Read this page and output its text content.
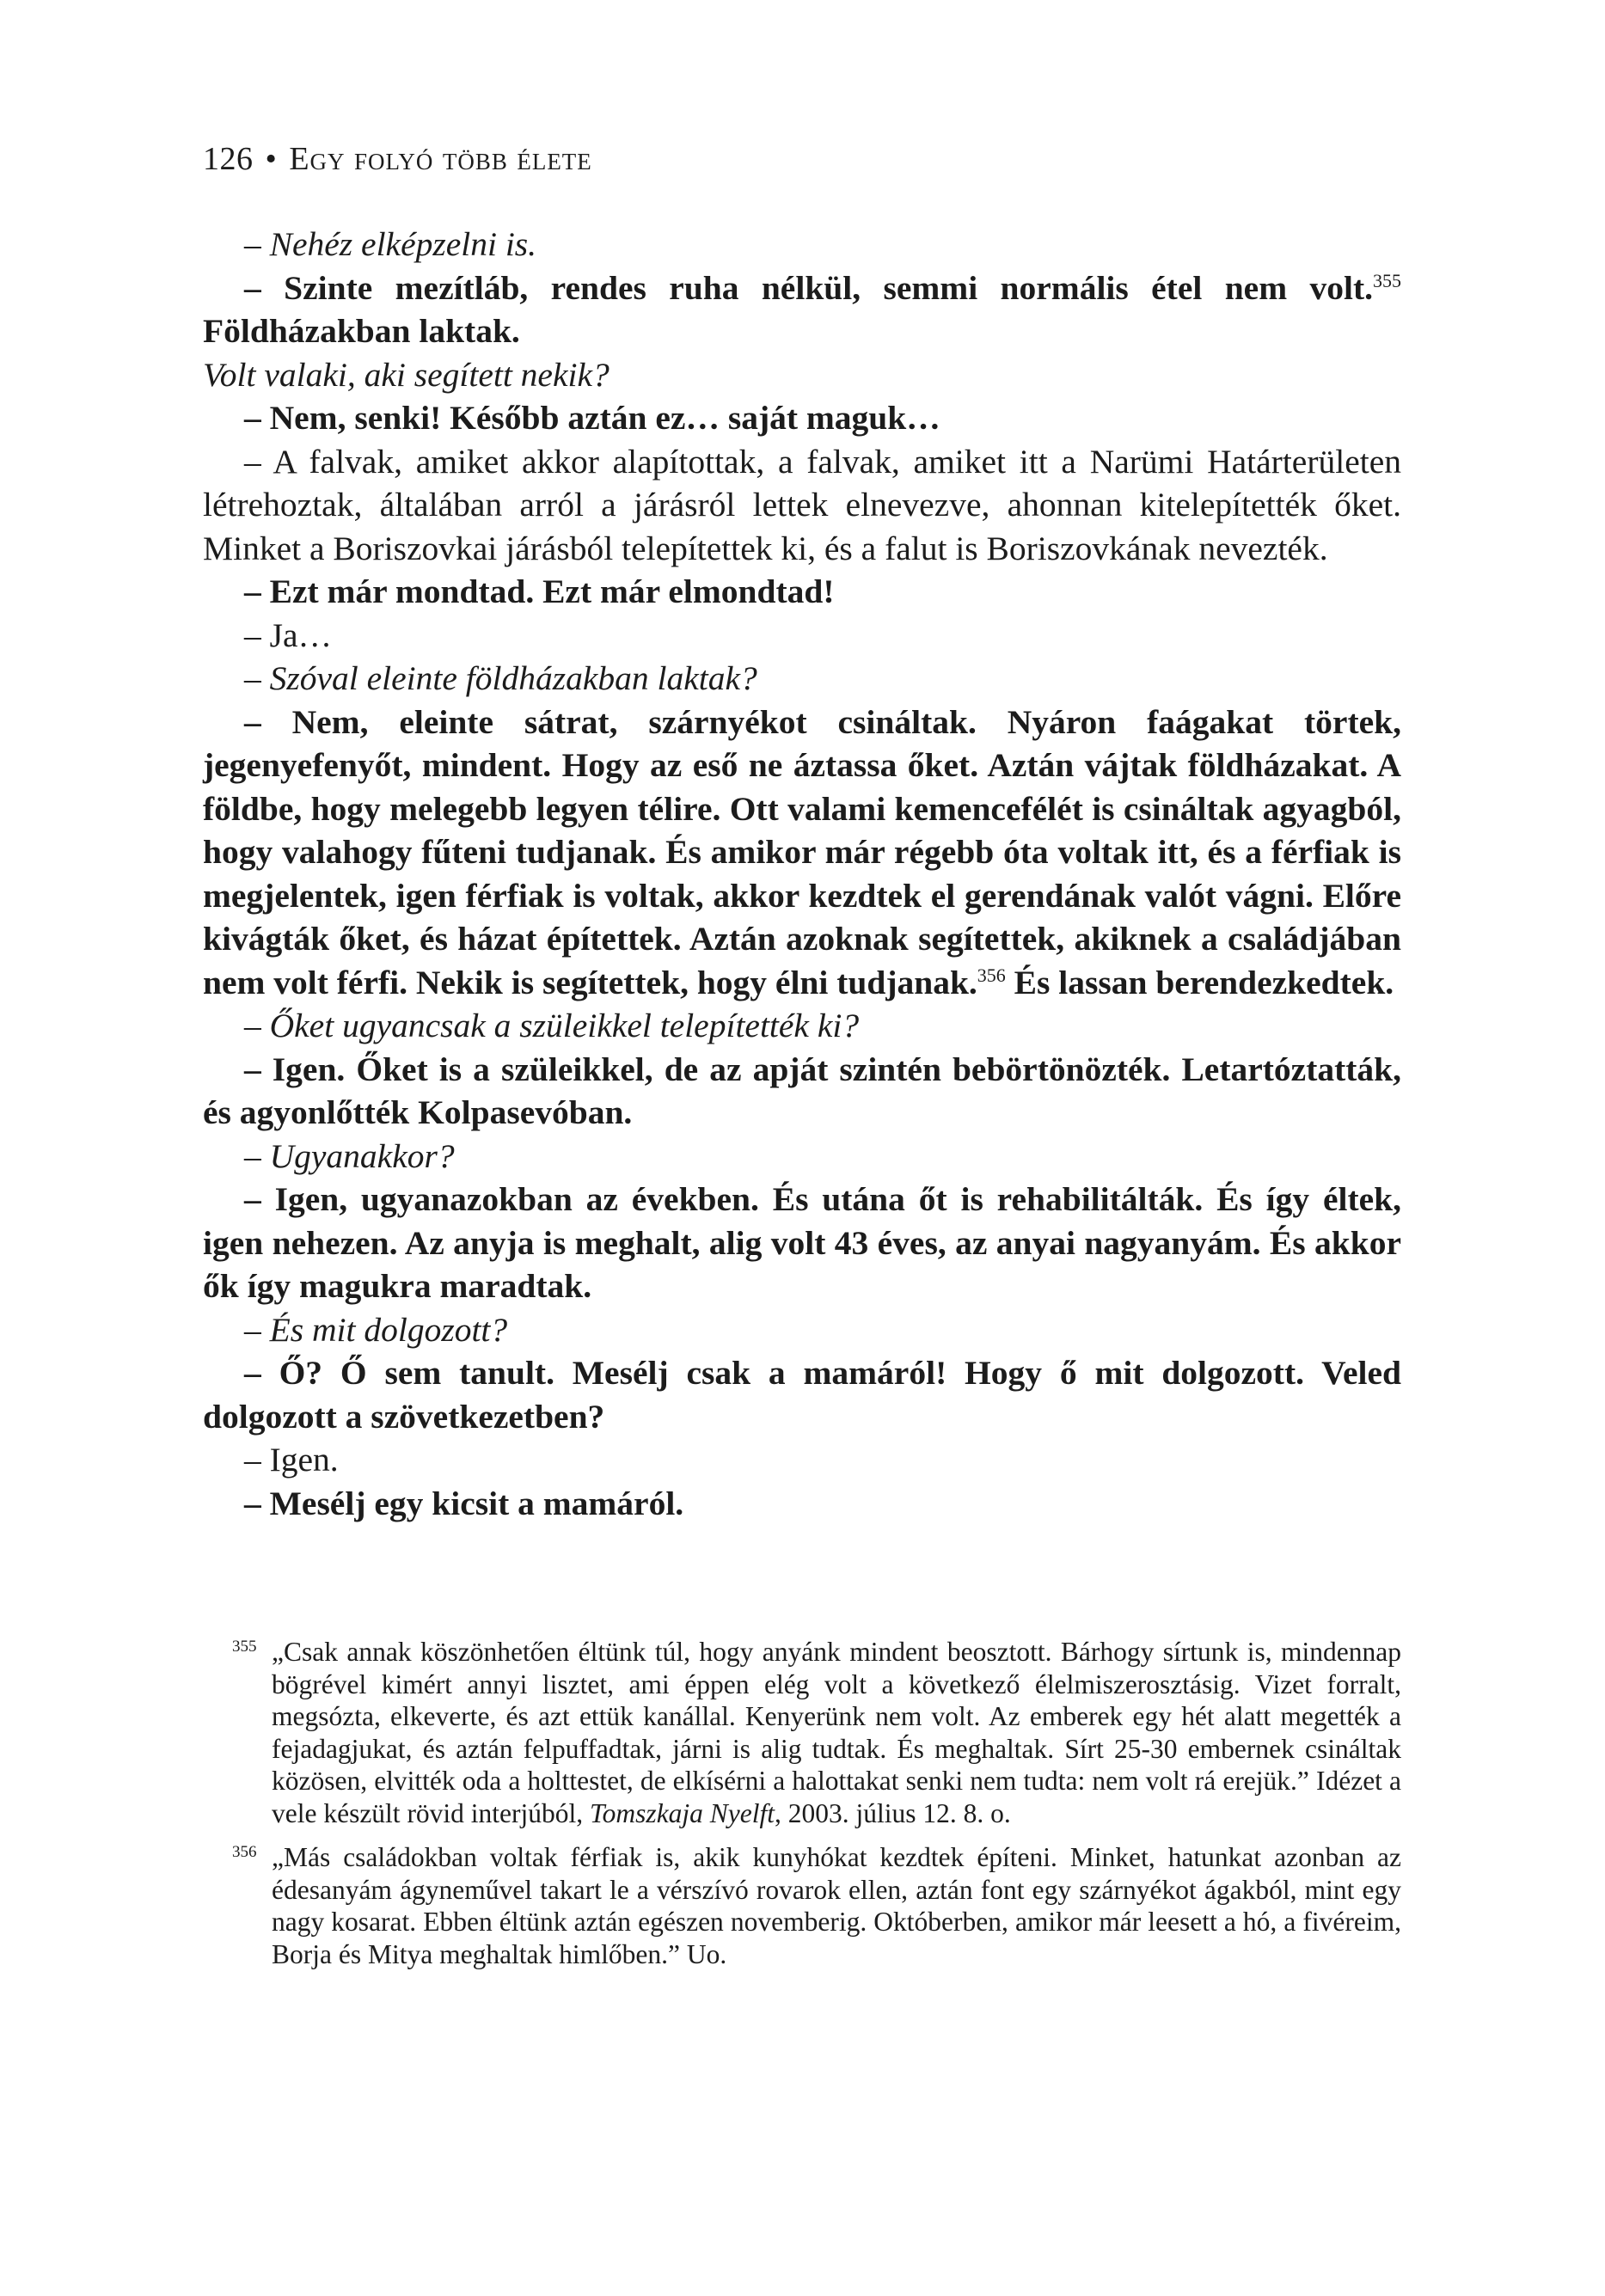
126 • Egy folyó több élete

– Nehéz elképzelni is.

– Szinte mezítláb, rendes ruha nélkül, semmi normális étel nem volt.$^{355}$ Földházakban laktak.

Volt valaki, aki segített nekik?

– Nem, senki! Később aztán ez… saját maguk…

– A falvak, amiket akkor alapítottak, a falvak, amiket itt a Narümi Határterületen létrehoztak, általában arról a járásról lettek elnevezve, ahonnan kitelepítették őket. Minket a Boriszovkai járásból telepítettek ki, és a falut is Boriszovkának nevezték.

– Ezt már mondtad. Ezt már elmondtad!

– Ja…

– Szóval eleinte földházakban laktak?

– Nem, eleinte sátrat, szárnyékot csináltak. Nyáron faágakat törtek, jegenyefenyőt, mindent. Hogy az eső ne áztassa őket. Aztán vájtak földházakat. A földbe, hogy melegebb legyen télire. Ott valami kemencefélét is csináltak agyagból, hogy valahogy fűteni tudjanak. És amikor már régebb óta voltak itt, és a férfiak is megjelentek, igen férfiak is voltak, akkor kezdtek el gerendának valót vágni. Előre kivágták őket, és házat építettek. Aztán azoknak segítettek, akiknek a családjában nem volt férfi. Nekik is segítettek, hogy élni tudjanak.$^{356}$ És lassan berendezkedtek.

– Őket ugyancsak a szüleikkel telepítették ki?

– Igen. Őket is a szüleikkel, de az apját szintén bebörtönözték. Letartóztatták, és agyonlőtték Kolpasevóban.

– Ugyanakkor?

– Igen, ugyanazokban az években. És utána őt is rehabilitálták. És így éltek, igen nehezen. Az anyja is meghalt, alig volt 43 éves, az anyai nagyanyám. És akkor ők így magukra maradtak.

– És mit dolgozott?

– Ő? Ő sem tanult. Mesélj csak a mamáról! Hogy ő mit dolgozott. Veled dolgozott a szövetkezetben?

– Igen.

– Mesélj egy kicsit a mamáról.

355 „Csak annak köszönhetően éltünk túl, hogy anyánk mindent beosztott. Bárhogy sírtunk is, mindennap bögrével kimért annyi lisztet, ami éppen elég volt a következő élelmiszerosztásig. Vizet forralt, megsózta, elkeverte, és azt ettük kanállal. Kenyerünk nem volt. Az emberek egy hét alatt megették a fejadagjukat, és aztán felpuffadtak, járni is alig tudtak. És meghaltak. Sírt 25-30 embernek csináltak közösen, elvitték oda a holttestet, de elkísérni a halottakat senki nem tudta: nem volt rá erejük.” Idézet a vele készült rövid interjúból, Tomszkaja Nyelft, 2003. július 12. 8. o.
356 „Más családokban voltak férfiak is, akik kunyhókat kezdtek építeni. Minket, hatunkat azonban az édesanyám ágyneművel takart le a vérszívó rovarok ellen, aztán font egy szárnyékot ágakból, mint egy nagy kosarat. Ebben éltünk aztán egészen novemberig. Októberben, amikor már leesett a hó, a fivéreim, Borja és Mitya meghaltak himlőben.” Uo.
